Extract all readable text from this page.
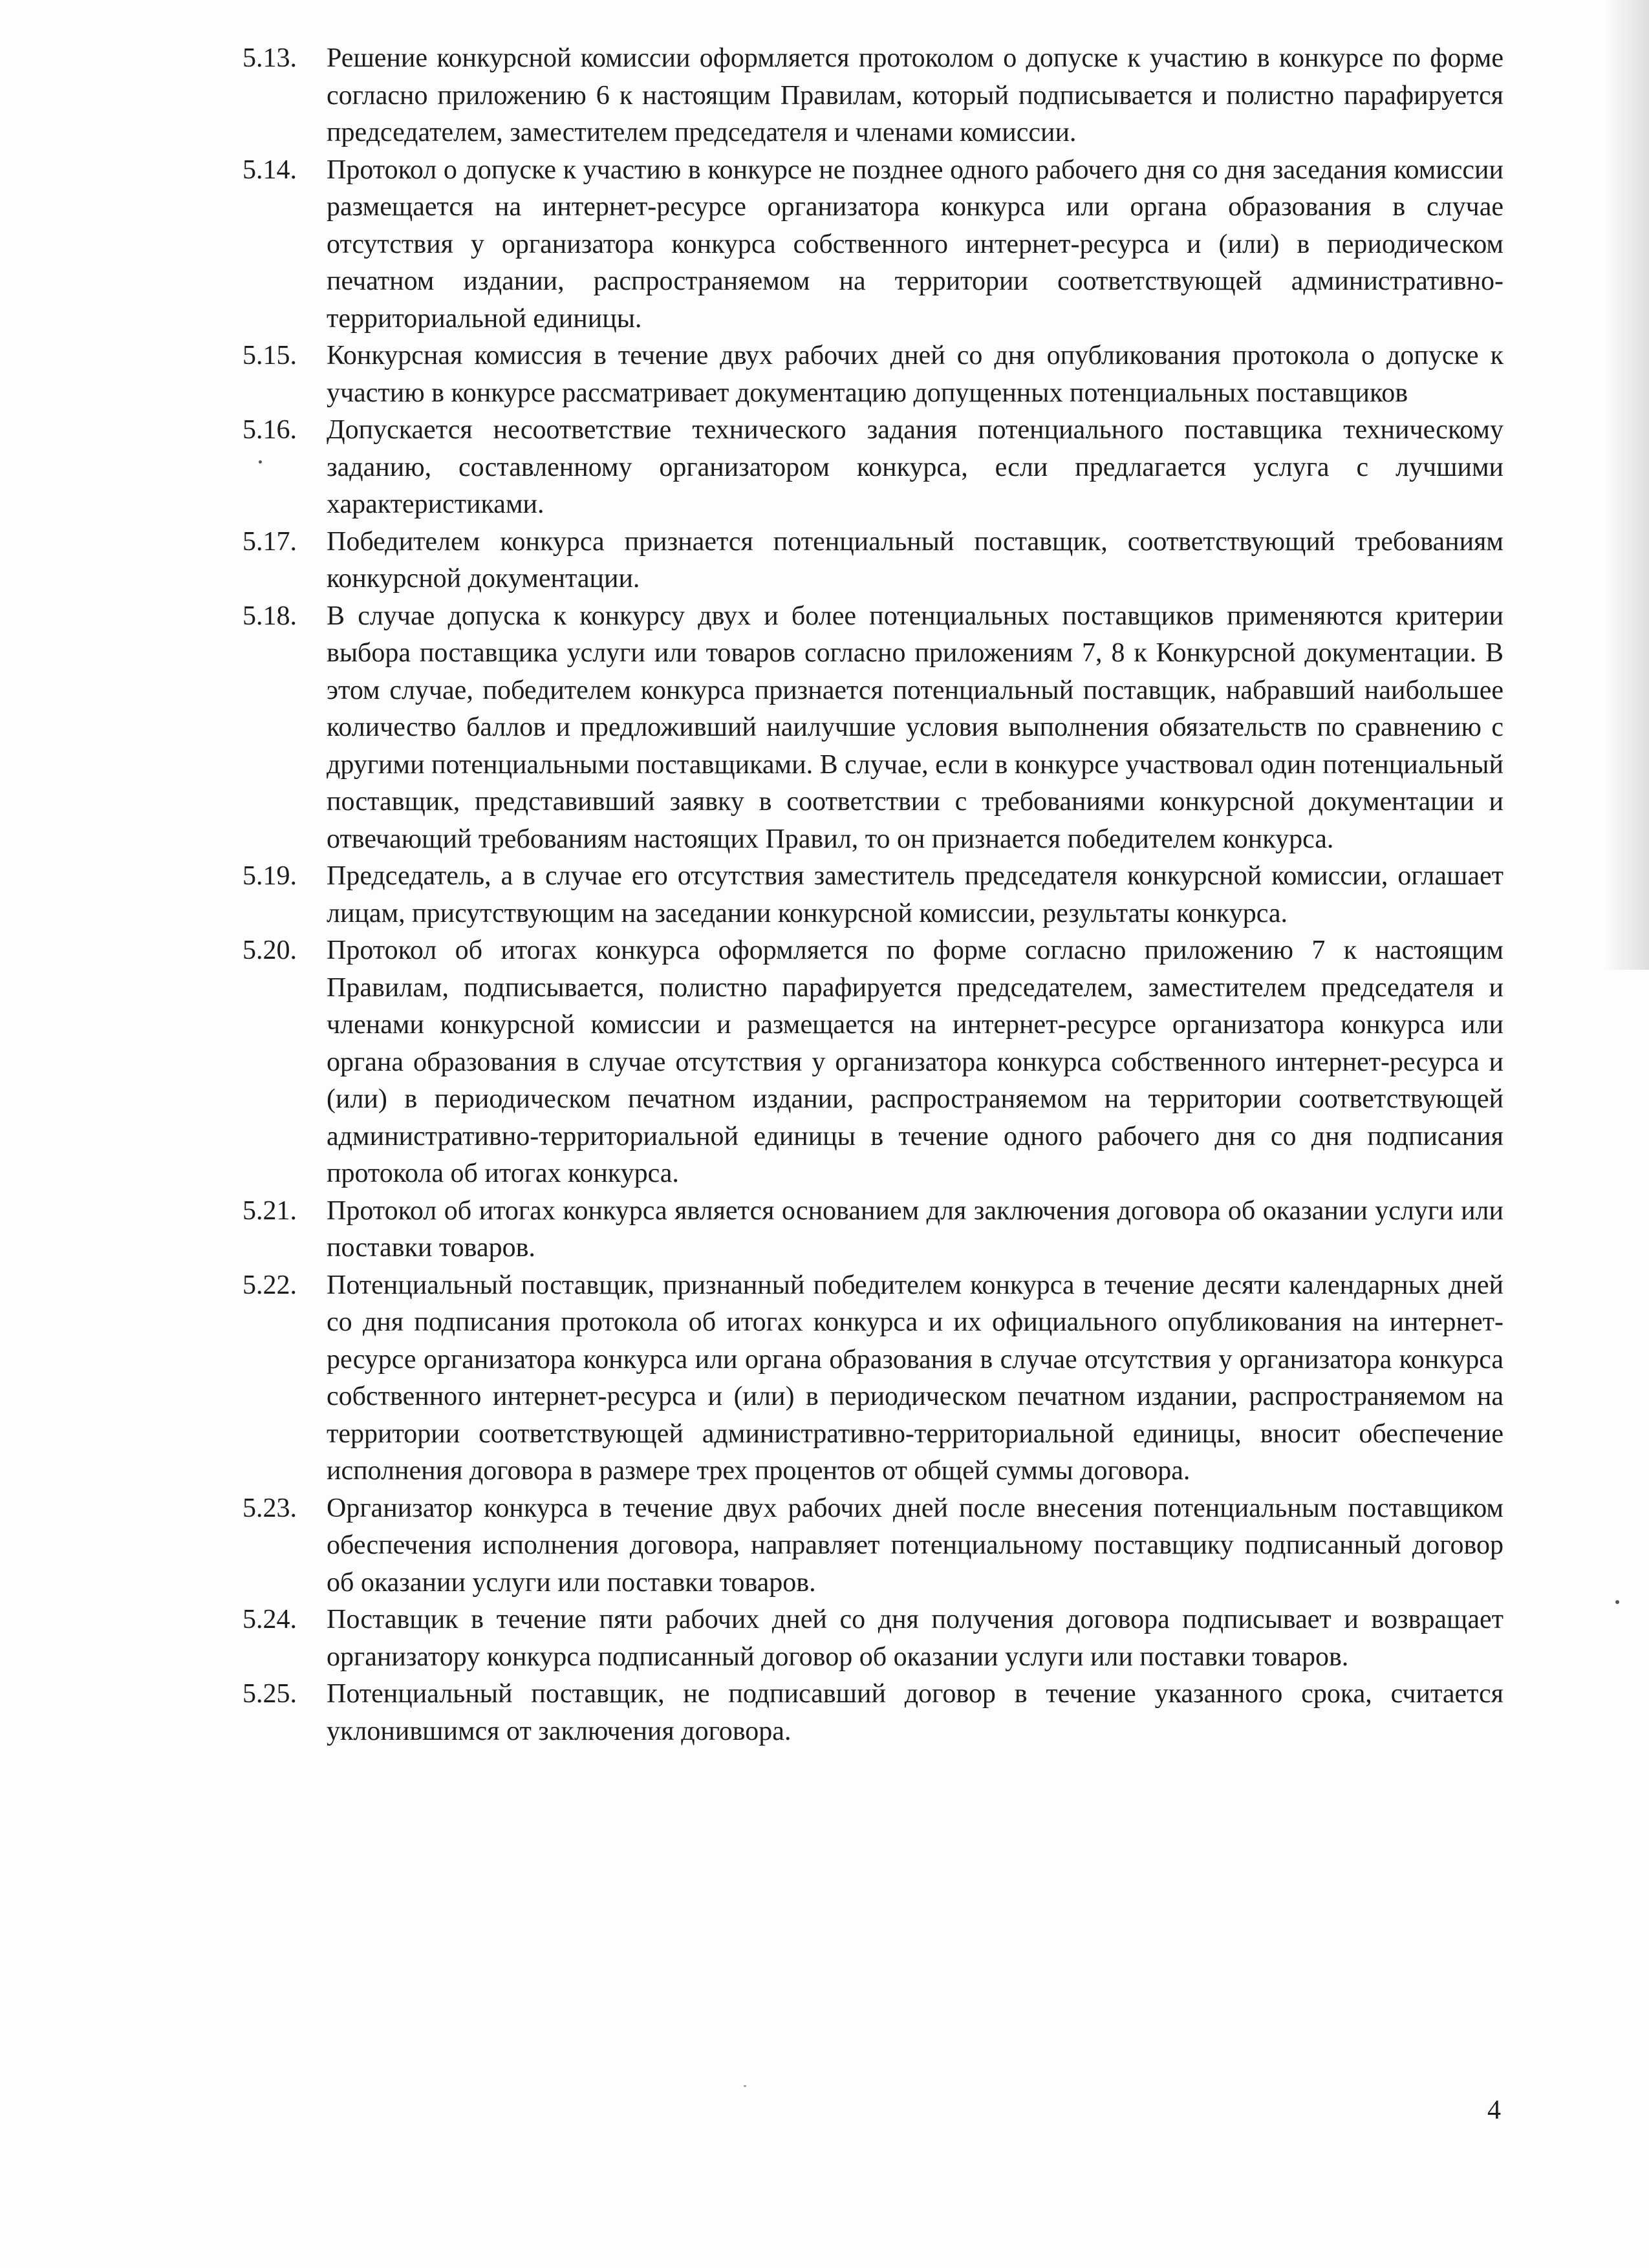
5.13.	Решение конкурсной комиссии оформляется протоколом о допуске к участию в конкурсе по форме согласно приложению 6 к настоящим Правилам, который подписывается и полистно парафируется председателем, заместителем председателя и членами комиссии.
5.14.	Протокол о допуске к участию в конкурсе не позднее одного рабочего дня со дня заседания комиссии размещается на интернет-ресурсе организатора конкурса или органа образования в случае отсутствия у организатора конкурса собственного интернет-ресурса и (или) в периодическом печатном издании, распространяемом на территории соответствующей административно-территориальной единицы.
5.15.	Конкурсная комиссия в течение двух рабочих дней со дня опубликования протокола о допуске к участию в конкурсе рассматривает документацию допущенных потенциальных поставщиков
5.16.	Допускается несоответствие технического задания потенциального поставщика техническому заданию, составленному организатором конкурса, если предлагается услуга с лучшими характеристиками.
5.17.	Победителем конкурса признается потенциальный поставщик, соответствующий требованиям конкурсной документации.
5.18.	В случае допуска к конкурсу двух и более потенциальных поставщиков применяются критерии выбора поставщика услуги или товаров согласно приложениям 7, 8 к Конкурсной документации. В этом случае, победителем конкурса признается потенциальный поставщик, набравший наибольшее количество баллов и предложивший наилучшие условия выполнения обязательств по сравнению с другими потенциальными поставщиками. В случае, если в конкурсе участвовал один потенциальный поставщик, представивший заявку в соответствии с требованиями конкурсной документации и отвечающий требованиям настоящих Правил, то он признается победителем конкурса.
5.19.	Председатель, а в случае его отсутствия заместитель председателя конкурсной комиссии, оглашает лицам, присутствующим на заседании конкурсной комиссии, результаты конкурса.
5.20.	Протокол об итогах конкурса оформляется по форме согласно приложению 7 к настоящим Правилам, подписывается, полистно парафируется председателем, заместителем председателя и членами конкурсной комиссии и размещается на интернет-ресурсе организатора конкурса или органа образования в случае отсутствия у организатора конкурса собственного интернет-ресурса и (или) в периодическом печатном издании, распространяемом на территории соответствующей административно-территориальной единицы в течение одного рабочего дня со дня подписания протокола об итогах конкурса.
5.21.	Протокол об итогах конкурса является основанием для заключения договора об оказании услуги или поставки товаров.
5.22.	Потенциальный поставщик, признанный победителем конкурса в течение десяти календарных дней со дня подписания протокола об итогах конкурса и их официального опубликования на интернет-ресурсе организатора конкурса или органа образования в случае отсутствия у организатора конкурса собственного интернет-ресурса и (или) в периодическом печатном издании, распространяемом на территории соответствующей административно-территориальной единицы, вносит обеспечение исполнения договора в размере трех процентов от общей суммы договора.
5.23.	Организатор конкурса в течение двух рабочих дней после внесения потенциальным поставщиком обеспечения исполнения договора, направляет потенциальному поставщику подписанный договор об оказании услуги или поставки товаров.
5.24.	Поставщик в течение пяти рабочих дней со дня получения договора подписывает и возвращает организатору конкурса подписанный договор об оказании услуги или поставки товаров.
5.25.	Потенциальный поставщик, не подписавший договор в течение указанного срока, считается уклонившимся от заключения договора.
4
